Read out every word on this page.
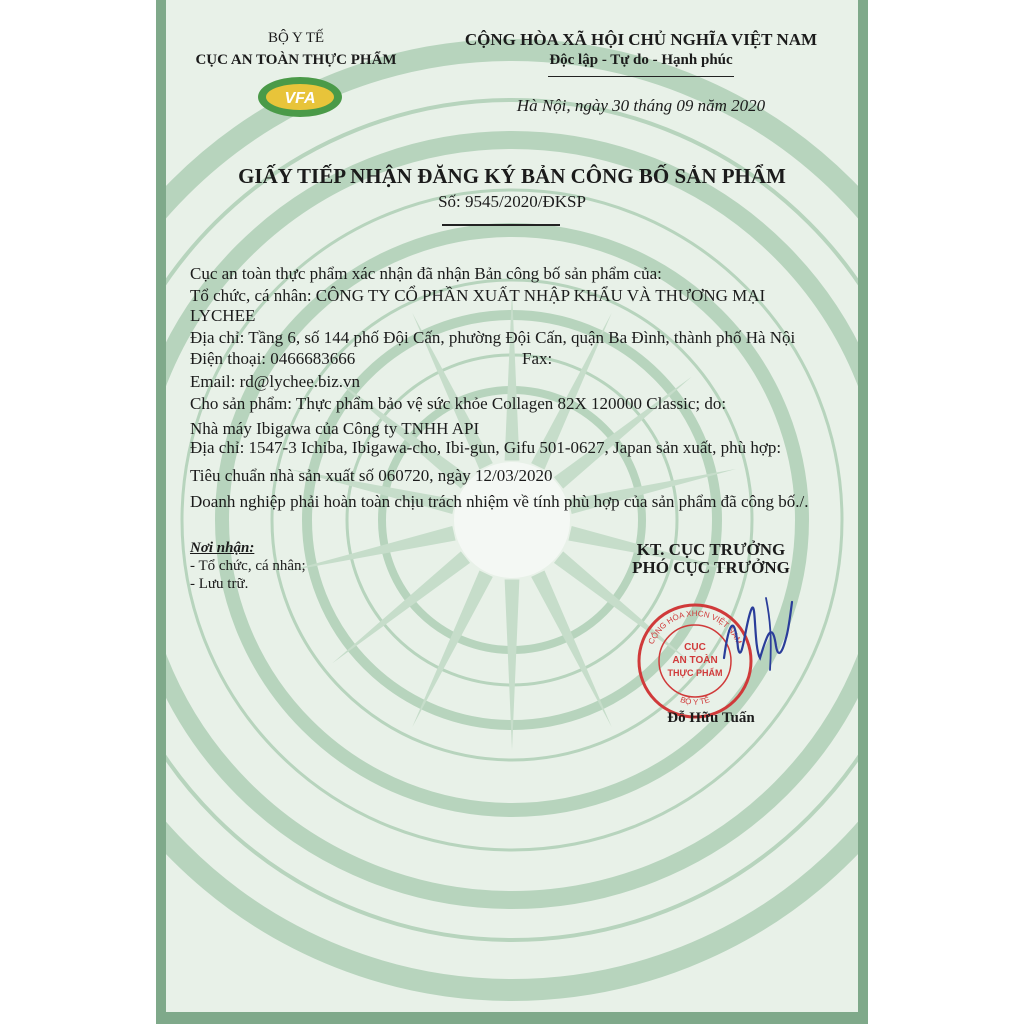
BỘ Y TẾ
CỤC AN TOÀN THỰC PHẨM
VFA
CỘNG HÒA XÃ HỘI CHỦ NGHĨA VIỆT NAM
Độc lập - Tự do - Hạnh phúc
Hà Nội, ngày 30 tháng 09 năm 2020
GIẤY TIẾP NHẬN ĐĂNG KÝ BẢN CÔNG BỐ SẢN PHẨM
Số: 9545/2020/ĐKSP
Cục an toàn thực phẩm xác nhận đã nhận Bản công bố sản phẩm của:
Tổ chức, cá nhân: CÔNG TY CỔ PHẦN XUẤT NHẬP KHẨU VÀ THƯƠNG MẠI
LYCHEE
Địa chỉ: Tầng 6, số 144 phố Đội Cấn, phường Đội Cấn, quận Ba Đình, thành phố Hà Nội
Điện thoại: 0466683666	Fax:
Email: rd@lychee.biz.vn
Cho sản phẩm: Thực phẩm bảo vệ sức khỏe Collagen 82X 120000 Classic; do:
Nhà máy Ibigawa của Công ty TNHH API
Địa chỉ: 1547-3 Ichiba, Ibigawa-cho, Ibi-gun, Gifu 501-0627, Japan sản xuất, phù hợp:
Tiêu chuẩn nhà sản xuất số 060720, ngày 12/03/2020
Doanh nghiệp phải hoàn toàn chịu trách nhiệm về tính phù hợp của sản phẩm đã công bố./.
Nơi nhận:
- Tổ chức, cá nhân;
- Lưu trữ.
KT. CỤC TRƯỞNG
PHÓ CỤC TRƯỞNG
CỘNG HÒA XHCN VIỆT NAM
BỘ Y TẾ
CỤC
AN TOÀN
THỰC PHẨM
Đỗ Hữu Tuấn
